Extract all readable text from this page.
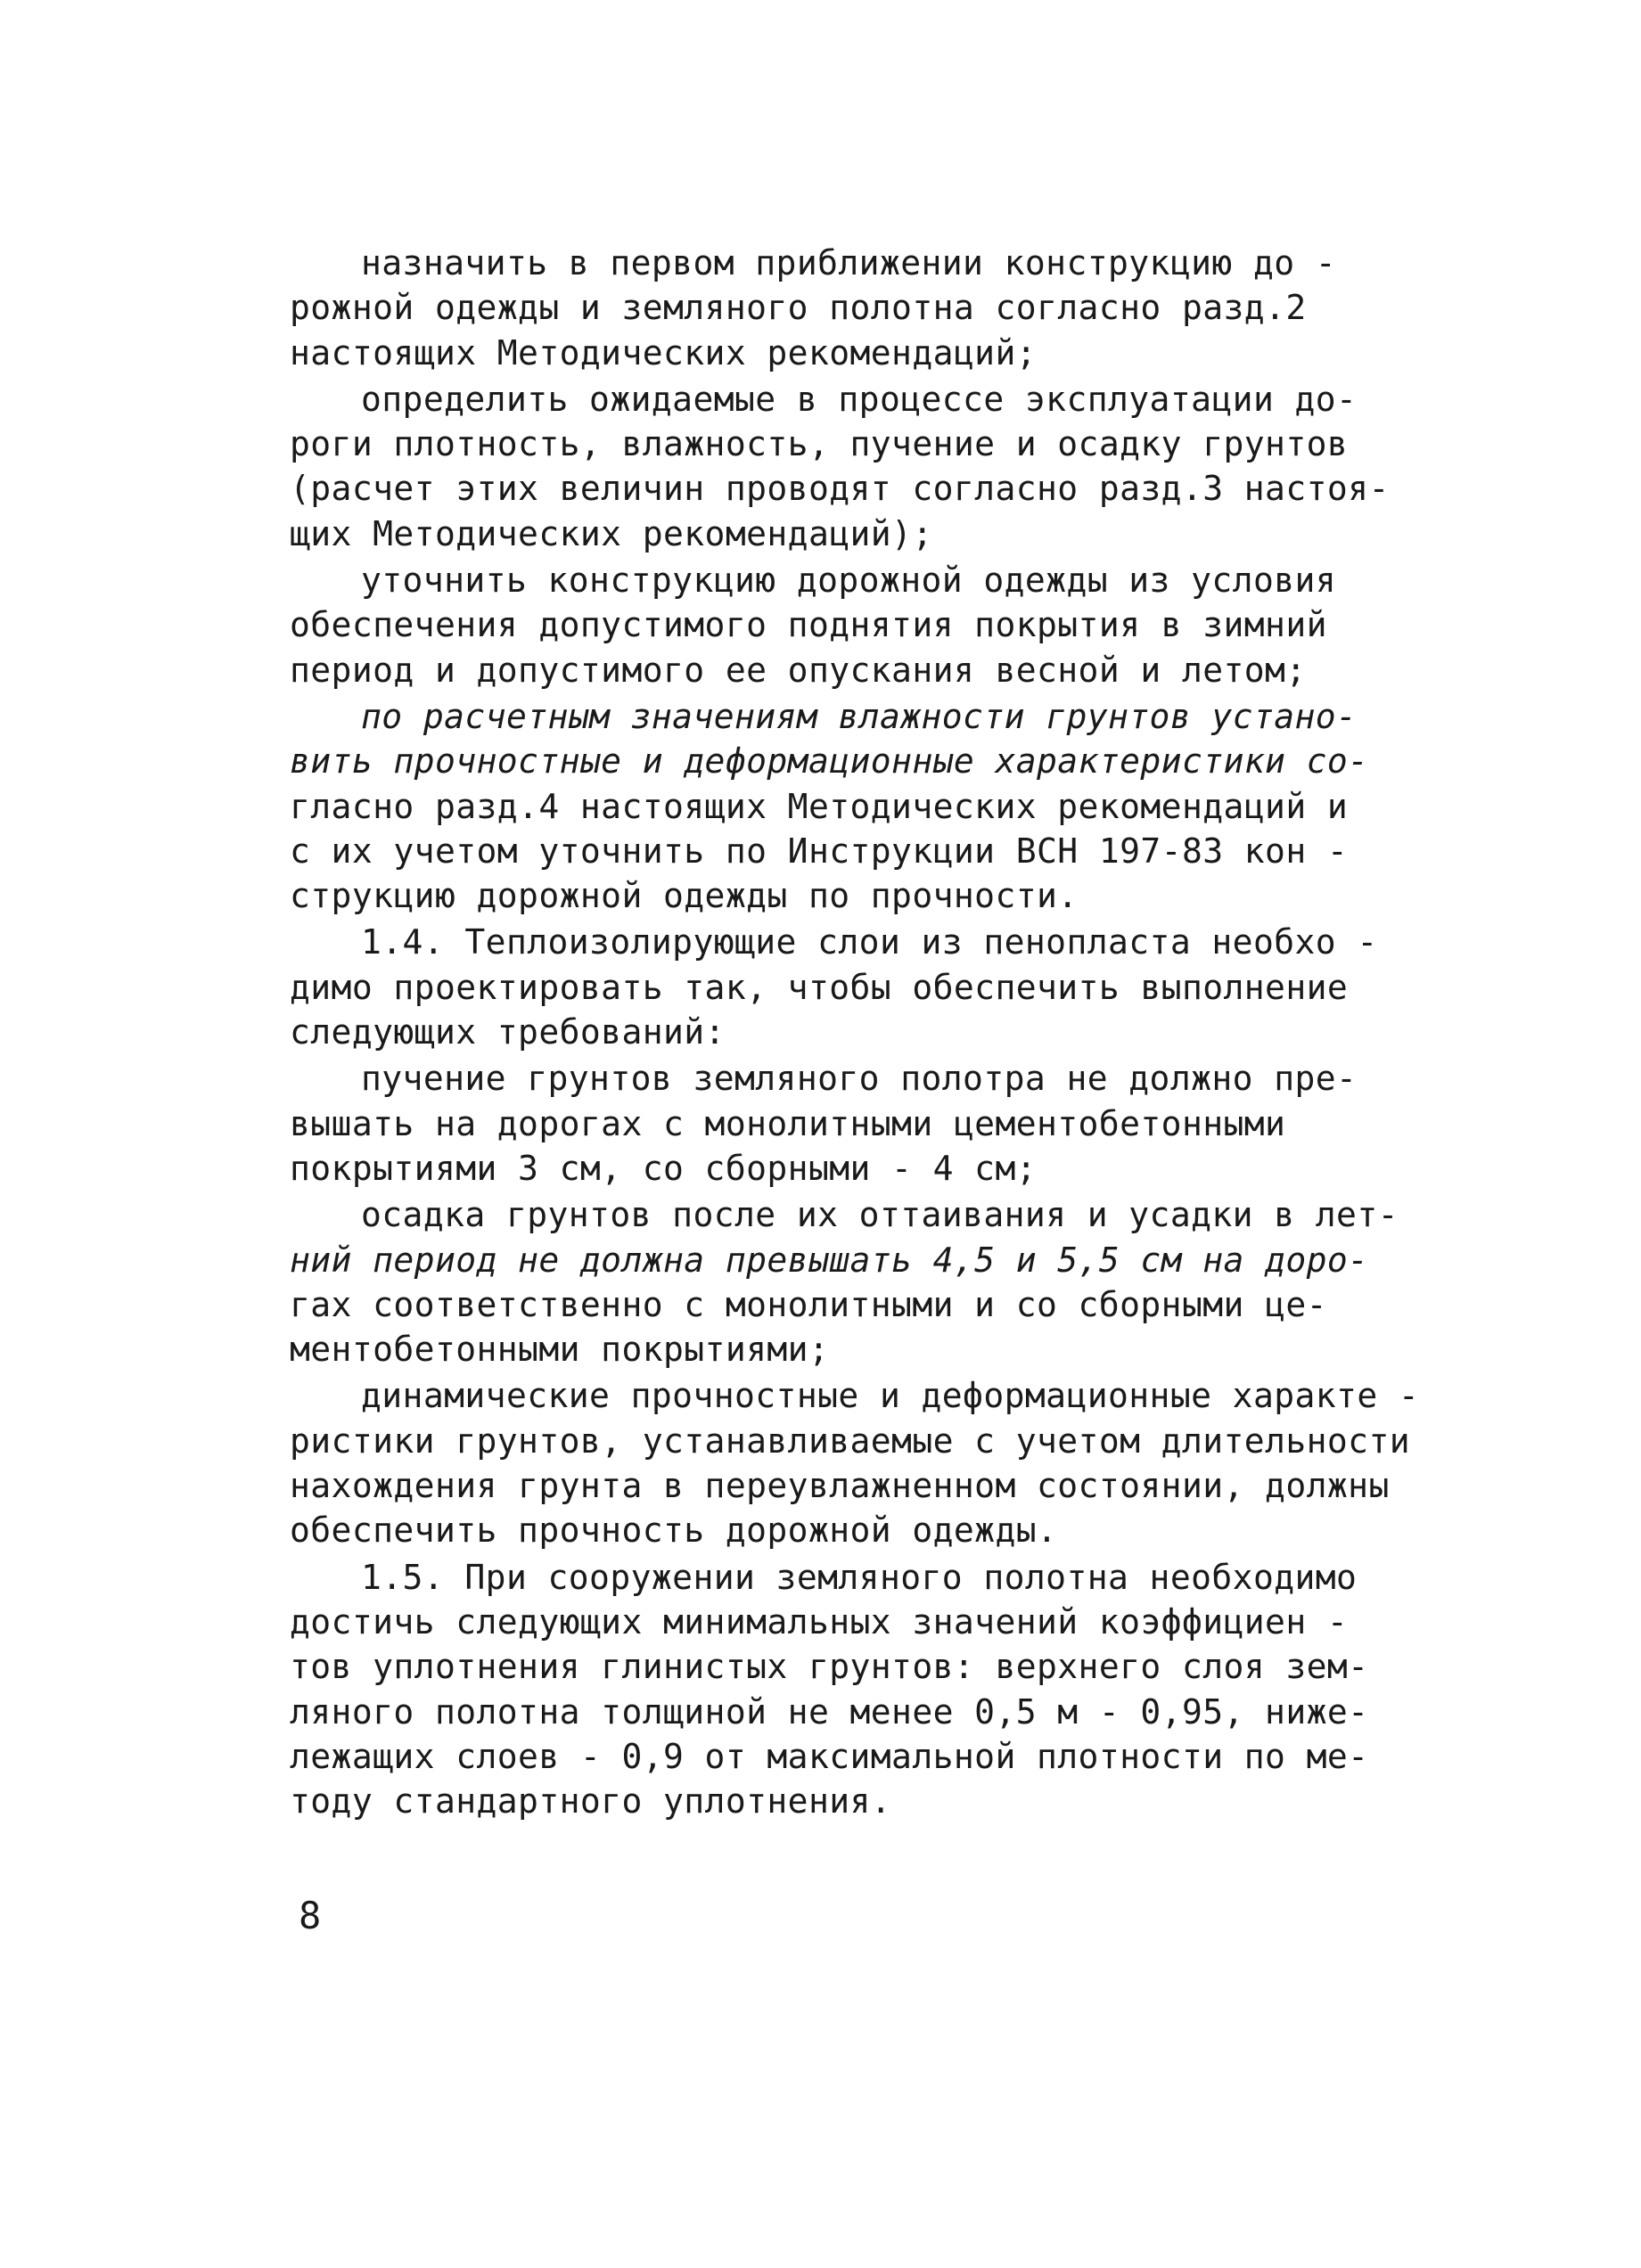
назначить в первом приближении конструкцию до -
рожной одежды и земляного полотна согласно разд.2
настоящих Методических рекомендаций;
определить ожидаемые в процессе эксплуатации до-
роги плотность, влажность, пучение и осадку грунтов
(расчет этих величин проводят согласно разд.3 настоя-
щих Методических рекомендаций);
уточнить конструкцию дорожной одежды из условия
обеспечения допустимого поднятия покрытия в зимний
период и допустимого ее опускания весной и летом;
по расчетным значениям влажности грунтов устано-
вить прочностные и деформационные характеристики со-
гласно разд.4 настоящих Методических рекомендаций и
с их учетом уточнить по Инструкции ВСН 197-83 кон -
струкцию дорожной одежды по прочности.
1.4. Теплоизолирующие слои из пенопласта необхо -
димо проектировать так, чтобы обеспечить выполнение
следующих требований:
пучение грунтов земляного полотра не должно пре-
вышать на дорогах с монолитными цементобетонными
покрытиями 3 см, со сборными - 4 см;
осадка грунтов после их оттаивания и усадки в лет-
ний период не должна превышать 4,5 и 5,5 см на доро-
гах соответственно с монолитными и со сборными це-
ментобетонными покрытиями;
динамические прочностные и деформационные характе -
ристики грунтов, устанавливаемые с учетом длительности
нахождения грунта в переувлажненном состоянии, должны
обеспечить прочность дорожной одежды.
1.5. При сооружении земляного полотна необходимо
достичь следующих минимальных значений коэффициен -
тов уплотнения глинистых грунтов: верхнего слоя зем-
ляного полотна толщиной не менее 0,5 м - 0,95, ниже-
лежащих слоев - 0,9 от максимальной плотности по ме-
тоду стандартного уплотнения.
8
